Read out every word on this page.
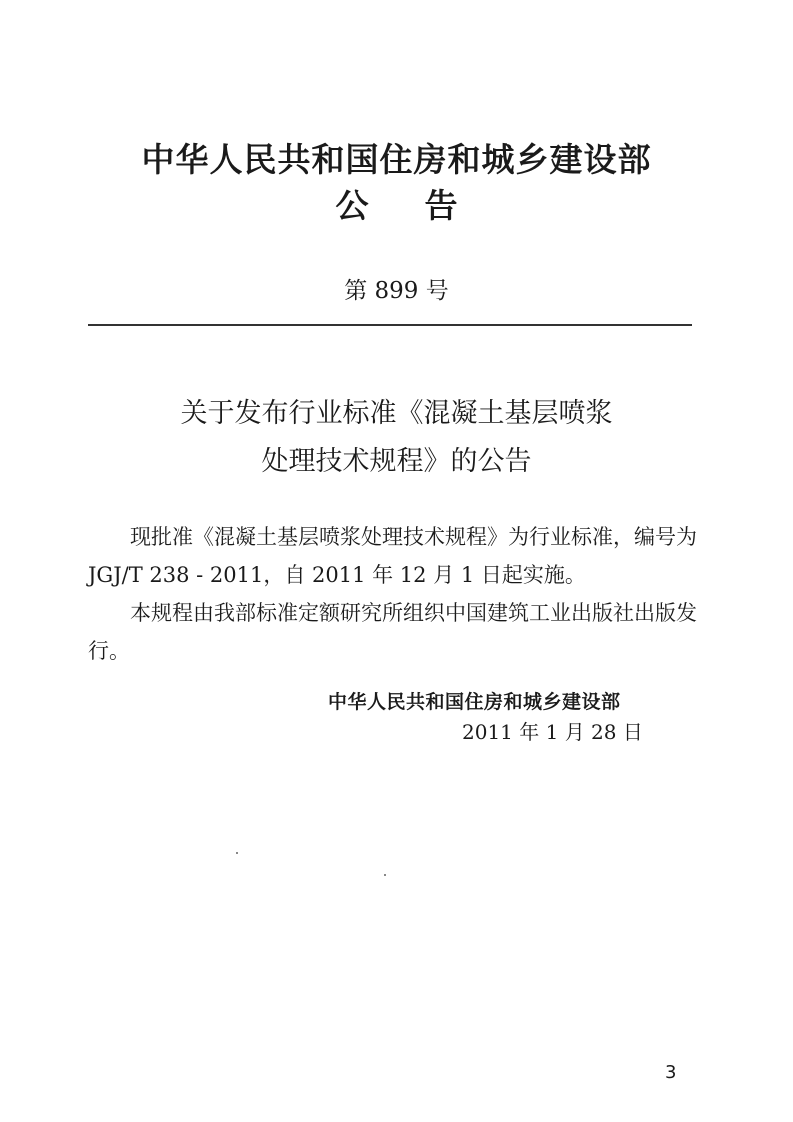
中华人民共和国住房和城乡建设部
公 告
第 899 号
关于发布行业标准《混凝土基层喷浆
处理技术规程》的公告
现批准《混凝土基层喷浆处理技术规程》为行业标准，编号为 JGJ/T 238 - 2011，自 2011 年 12 月 1 日起实施。
本规程由我部标准定额研究所组织中国建筑工业出版社出版发行。
中华人民共和国住房和城乡建设部
2011 年 1 月 28 日
3
